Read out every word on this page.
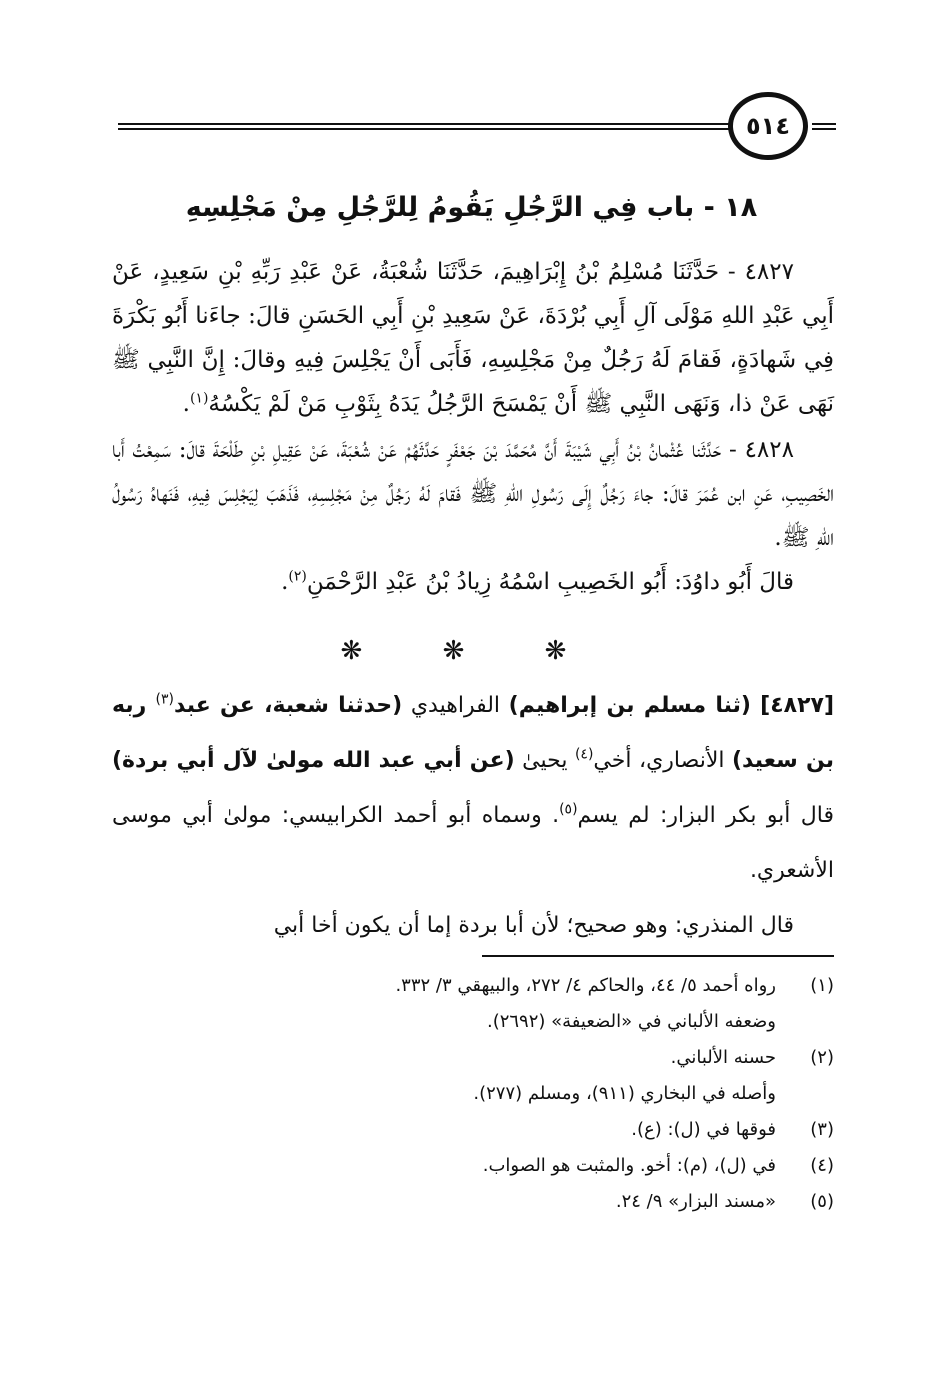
٥١٤
١٨ - باب فِي الرَّجُلِ يَقُومُ لِلرَّجُلِ مِنْ مَجْلِسِهِ

٤٨٢٧ - حَدَّثَنَا مُسْلِمُ بْنُ إِبْرَاهِيمَ، حَدَّثَنَا شُعْبَةُ، عَنْ عَبْدِ رَبِّهِ بْنِ سَعِيدٍ، عَنْ أَبِي عَبْدِ اللهِ مَوْلَى آلِ أَبِي بُرْدَةَ، عَنْ سَعِيدِ بْنِ أَبِي الحَسَنِ قالَ: جاءَنا أَبُو بَكْرَةَ فِي شَهادَةٍ، فَقامَ لَهُ رَجُلٌ مِنْ مَجْلِسِهِ، فَأَبَى أَنْ يَجْلِسَ فِيهِ وقالَ: إِنَّ النَّبِي ﷺ نَهَى عَنْ ذا، وَنَهَى النَّبِي ﷺ أَنْ يَمْسَحَ الرَّجُلُ يَدَهُ بِثَوْبِ مَنْ لَمْ يَكْسُهُ$^{(١)}$.

٤٨٢٨ - حَدَّثَنا عُثْمانُ بْنُ أَبِي شَيْبَةَ أَنَّ مُحَمَّدَ بْنَ جَعْفَرٍ حَدَّثَهُمْ عَنْ شُعْبَةَ، عَنْ عَقِيلِ بْنِ طَلْحَةَ قالَ: سَمِعْتُ أَبا الخَصِيبِ، عَنِ ابن عُمَرَ قالَ: جاءَ رَجُلٌ إِلَى رَسُولِ اللهِ ﷺ فَقامَ لَهُ رَجُلٌ مِنْ مَجْلِسِهِ، فَذَهَبَ لِيَجْلِسَ فِيهِ، فَنَهاهُ رَسُولُ اللهِ ﷺ.

قالَ أَبُو داوُدَ: أَبُو الخَصِيبِ اسْمُهُ زِيادُ بْنُ عَبْدِ الرَّحْمَنِ$^{(٢)}$.

❋ ❋ ❋

[٤٨٢٧] (ثنا مسلم بن إبراهيم) الفراهيدي (حدثنا شعبة، عن عبد$^{(٣)}$ ربه بن سعيد) الأنصاري، أخي$^{(٤)}$ يحيىٰ (عن أبي عبد الله مولىٰ لآل أبي بردة) قال أبو بكر البزار: لم يسم$^{(٥)}$. وسماه أبو أحمد الكرابيسي: مولىٰ أبي موسى الأشعري.

قال المنذري: وهو صحيح؛ لأن أبا بردة إما أن يكون أخا أبي

(١)
رواه أحمد ٥/ ٤٤، والحاكم ٤/ ٢٧٢، والبيهقي ٣/ ٣٣٢.
وضعفه الألباني في «الضعيفة» (٢٦٩٢).
(٢)
حسنه الألباني.
وأصله في البخاري (٩١١)، ومسلم (٢٧٧).
(٣)
فوقها في (ل): (ع).
(٤)
في (ل)، (م): أخو. والمثبت هو الصواب.
(٥)
«مسند البزار» ٩/ ٢٤.
